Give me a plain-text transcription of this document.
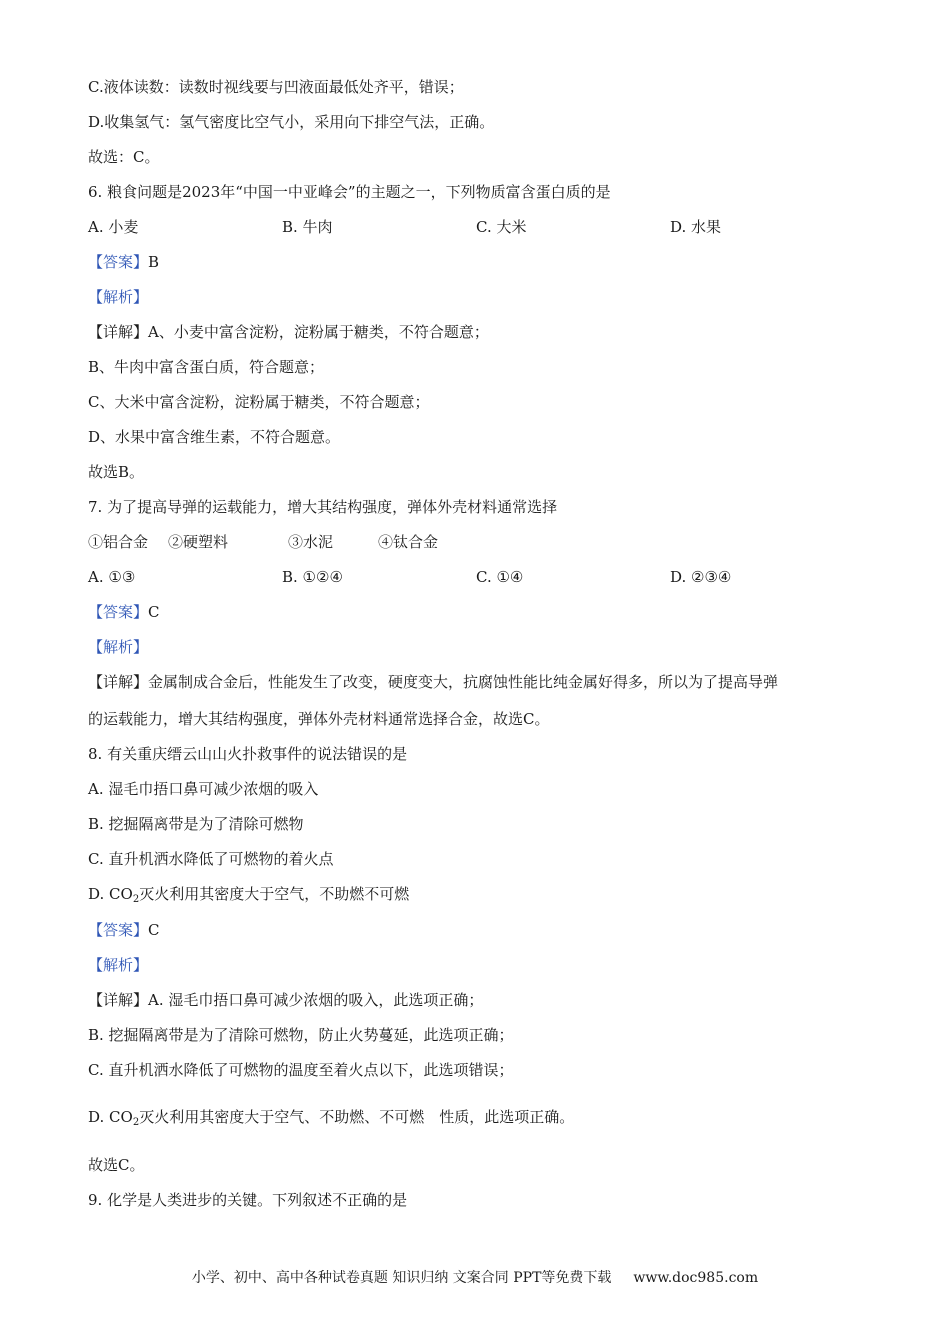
C.液体读数：读数时视线要与凹液面最低处齐平，错误；
D.收集氢气：氢气密度比空气小，采用向下排空气法，正确。
故选：C。
6. 粮食问题是2023年“中国一中亚峰会”的主题之一，下列物质富含蛋白质的是
A. 小麦	B. 牛肉	C. 大米	D. 水果
【答案】B
【解析】
【详解】A、小麦中富含淀粉，淀粉属于糖类，不符合题意；
B、牛肉中富含蛋白质，符合题意；
C、大米中富含淀粉，淀粉属于糖类，不符合题意；
D、水果中富含维生素，不符合题意。
故选B。
7. 为了提高导弹的运载能力，增大其结构强度，弹体外壳材料通常选择
①铝合金 ②硬塑料	③水泥	④钛合金
A. ①③	B. ①②④	C. ①④	D. ②③④
【答案】C
【解析】
【详解】金属制成合金后，性能发生了改变，硬度变大，抗腐蚀性能比纯金属好得多，所以为了提高导弹
的运载能力，增大其结构强度，弹体外壳材料通常选择合金，故选C。
8. 有关重庆缙云山山火扑救事件的说法错误的是
A. 湿毛巾捂口鼻可减少浓烟的吸入
B. 挖掘隔离带是为了清除可燃物
C. 直升机洒水降低了可燃物的着火点
D. $CO_2$灭火利用其密度大于空气，不助燃不可燃
【答案】C
【解析】
【详解】A. 湿毛巾捂口鼻可减少浓烟的吸入，此选项正确；
B. 挖掘隔离带是为了清除可燃物，防止火势蔓延，此选项正确；
C. 直升机洒水降低了可燃物的温度至着火点以下，此选项错误；
D. $CO_2$灭火利用其密度大于空气、不助燃、不可燃　性质，此选项正确。
故选C。
9. 化学是人类进步的关键。下列叙述不正确的是
小学、初中、高中各种试卷真题 知识归纳 文案合同 PPT等免费下载 www.doc985.com
